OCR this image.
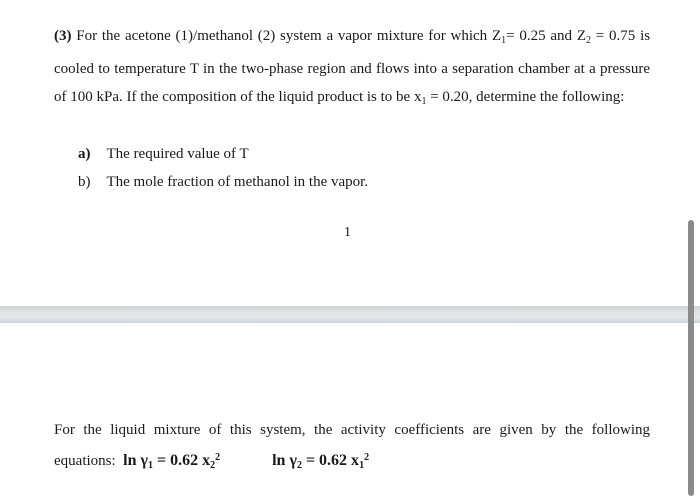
(3) For the acetone (1)/methanol (2) system a vapor mixture for which $Z_1= 0.25$ and $Z_2 = 0.75$ is cooled to temperature T in the two-phase region and flows into a separation chamber at a pressure of 100 kPa. If the composition of the liquid product is to be $x_1 = 0.20$, determine the following:

a) The required value of T
b) The mole fraction of methanol in the vapor.
1

For the liquid mixture of this system, the activity coefficients are given by the following equations: $\ln \gamma_1 = 0.62$ $x_2^2$	$\ln \gamma_2 = 0.62$ $x_1^2$
